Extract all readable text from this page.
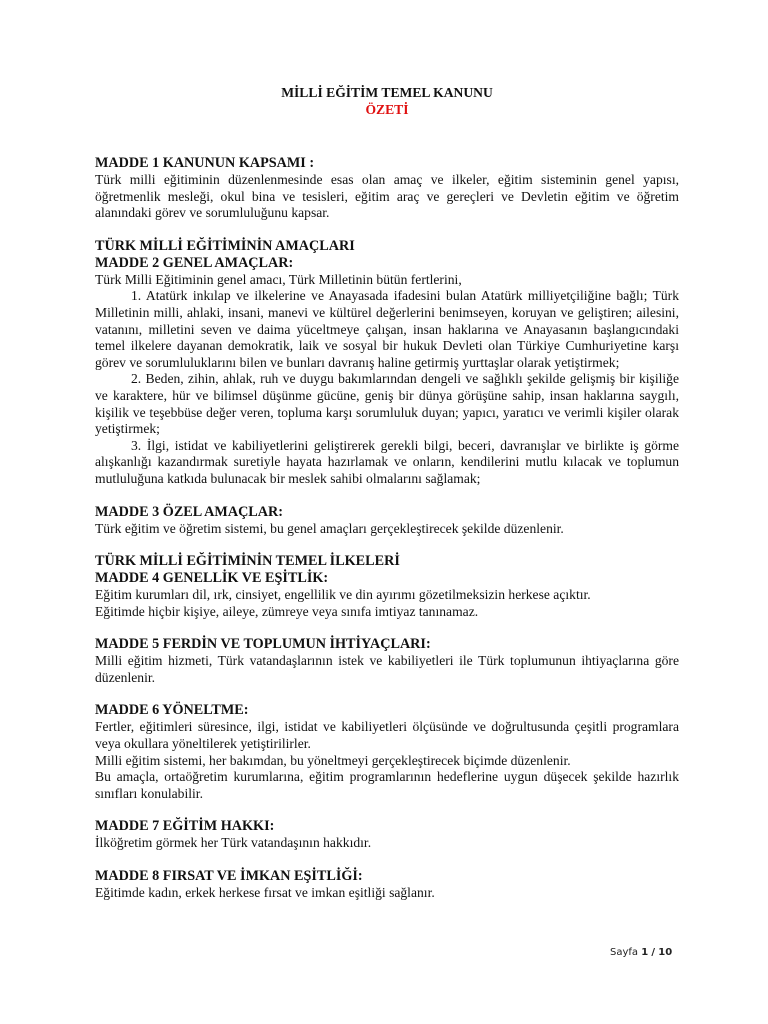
MİLLİ EĞİTİM TEMEL KANUNU

ÖZETİ

MADDE 1 KANUNUN KAPSAMI :

Türk milli eğitiminin düzenlenmesinde esas olan amaç ve ilkeler, eğitim sisteminin genel yapısı, öğretmenlik mesleği, okul bina ve tesisleri, eğitim araç ve gereçleri ve Devletin eğitim ve öğretim alanındaki görev ve sorumluluğunu kapsar.

TÜRK MİLLİ EĞİTİMİNİN AMAÇLARI

MADDE 2 GENEL AMAÇLAR:

Türk Milli Eğitiminin genel amacı, Türk Milletinin bütün fertlerini,

1. Atatürk inkılap ve ilkelerine ve Anayasada ifadesini bulan Atatürk milliyetçiliğine bağlı; Türk Milletinin milli, ahlaki, insani, manevi ve kültürel değerlerini benimseyen, koruyan ve geliştiren; ailesini, vatanını, milletini seven ve daima yüceltmeye çalışan, insan haklarına ve Anayasanın başlangıcındaki temel ilkelere dayanan demokratik, laik ve sosyal bir hukuk Devleti olan Türkiye Cumhuriyetine karşı görev ve sorumluluklarını bilen ve bunları davranış haline getirmiş yurttaşlar olarak yetiştirmek;

2. Beden, zihin, ahlak, ruh ve duygu bakımlarından dengeli ve sağlıklı şekilde gelişmiş bir kişiliğe ve karaktere, hür ve bilimsel düşünme gücüne, geniş bir dünya görüşüne sahip, insan haklarına saygılı, kişilik ve teşebbüse değer veren, topluma karşı sorumluluk duyan; yapıcı, yaratıcı ve verimli kişiler olarak yetiştirmek;

3. İlgi, istidat ve kabiliyetlerini geliştirerek gerekli bilgi, beceri, davranışlar ve birlikte iş görme alışkanlığı kazandırmak suretiyle hayata hazırlamak ve onların, kendilerini mutlu kılacak ve toplumun mutluluğuna katkıda bulunacak bir meslek sahibi olmalarını sağlamak;

MADDE 3 ÖZEL AMAÇLAR:

Türk eğitim ve öğretim sistemi, bu genel amaçları gerçekleştirecek şekilde düzenlenir.

TÜRK MİLLİ EĞİTİMİNİN TEMEL İLKELERİ

MADDE 4 GENELLİK VE EŞİTLİK:

Eğitim kurumları dil, ırk, cinsiyet, engellilik ve din ayırımı gözetilmeksizin herkese açıktır.

Eğitimde hiçbir kişiye, aileye, zümreye veya sınıfa imtiyaz tanınamaz.

MADDE 5 FERDİN VE TOPLUMUN İHTİYAÇLARI:

Milli eğitim hizmeti, Türk vatandaşlarının istek ve kabiliyetleri ile Türk toplumunun ihtiyaçlarına göre düzenlenir.

MADDE 6 YÖNELTME:

Fertler, eğitimleri süresince, ilgi, istidat ve kabiliyetleri ölçüsünde ve doğrultusunda çeşitli programlara veya okullara yöneltilerek yetiştirilirler.

Milli eğitim sistemi, her bakımdan, bu yöneltmeyi gerçekleştirecek biçimde düzenlenir.

Bu amaçla, ortaöğretim kurumlarına, eğitim programlarının hedeflerine uygun düşecek şekilde hazırlık sınıfları konulabilir.

MADDE 7 EĞİTİM HAKKI:

İlköğretim görmek her Türk vatandaşının hakkıdır.

MADDE 8 FIRSAT VE İMKAN EŞİTLİĞİ:

Eğitimde kadın, erkek herkese fırsat ve imkan eşitliği sağlanır.

Sayfa 1 / 10
